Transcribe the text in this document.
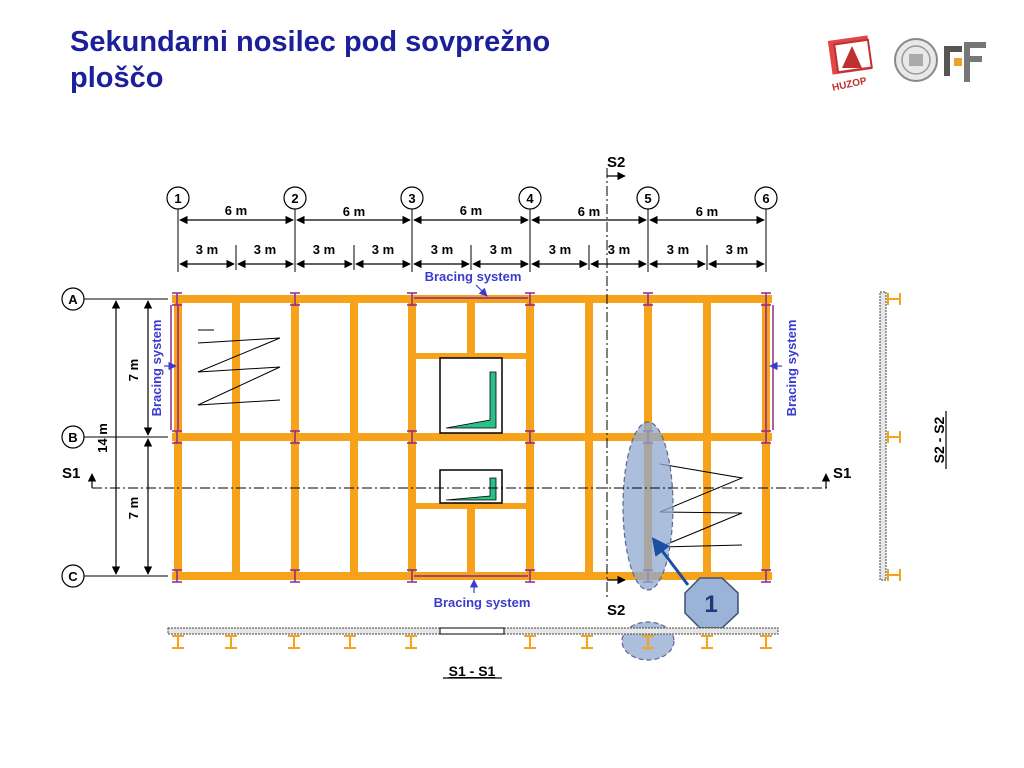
Sekundarni nosilec pod sovprežno
ploščo	HUZOP
1	2	3	4	5	6
6 m	6 m	6 m	6 m	6 m
3 m	3 m	3 m	3 m	3 m	3 m	3 m	3 m	3 m	3 m
A
B
C
7 m
7 m
14 m
1
S2
S2
S1	S1
Bracing system
Bracing system
Bracing system	Bracing system
S1 - S1
S2 - S2
